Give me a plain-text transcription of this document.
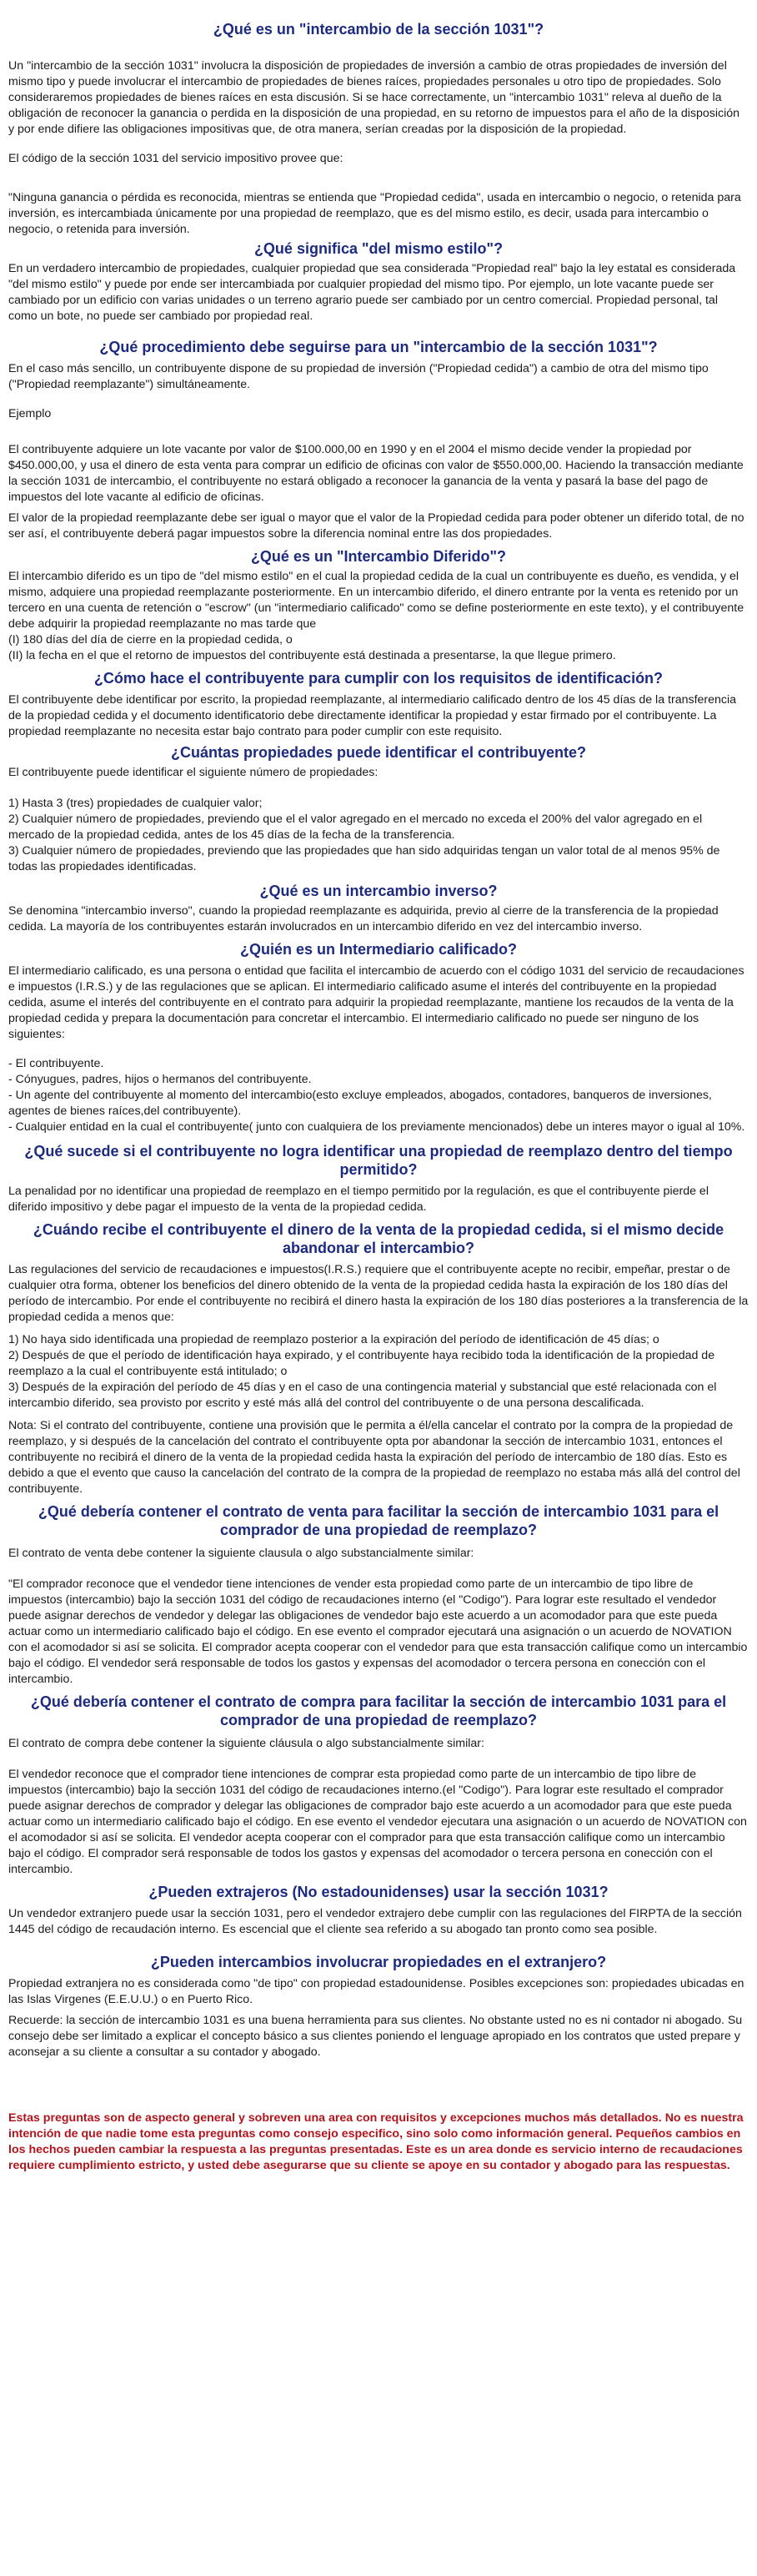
¿Qué es un "intercambio de la sección 1031"?
Un "intercambio de la sección 1031" involucra la disposición de propiedades de inversión a cambio de otras propiedades de inversión del mismo tipo y puede involucrar el intercambio de propiedades de bienes raíces, propiedades personales u otro tipo de propiedades. Solo consideraremos propiedades de bienes raíces en esta discusión. Si se hace correctamente, un "intercambio 1031" releva al dueño de la obligación de reconocer la ganancia o perdida en la disposición de una propiedad, en su retorno de impuestos para el año de la disposición y por ende difiere las obligaciones impositivas que, de otra manera, serían creadas por la disposición de la propiedad.
El código de la sección 1031 del servicio impositivo provee que:
"Ninguna ganancia o pérdida es reconocida, mientras se entienda que "Propiedad cedida", usada en intercambio o negocio, o retenida para inversión, es intercambiada únicamente por una propiedad de reemplazo, que es del mismo estilo, es decir, usada para intercambio o negocio, o retenida para inversión.
¿Qué significa "del mismo estilo"?
En un verdadero intercambio de propiedades, cualquier propiedad que sea considerada "Propiedad real" bajo la ley estatal es considerada "del mismo estilo" y puede por ende ser intercambiada por cualquier propiedad del mismo tipo. Por ejemplo, un lote vacante puede ser cambiado por un edificio con varias unidades o un terreno agrario puede ser cambiado por un centro comercial. Propiedad personal, tal como un bote, no puede ser cambiado por propiedad real.
¿Qué procedimiento debe seguirse para un "intercambio de la sección 1031"?
En el caso más sencillo, un contribuyente dispone de su propiedad de inversión ("Propiedad cedida") a cambio de otra del mismo tipo ("Propiedad reemplazante") simultáneamente.
Ejemplo
El contribuyente adquiere un lote vacante por valor de $100.000,00 en 1990 y en el 2004 el mismo decide vender la propiedad por $450.000,00, y usa el dinero de esta venta para comprar un edificio de oficinas con valor de $550.000,00. Haciendo la transacción mediante la sección 1031 de intercambio, el contribuyente no estará obligado a reconocer la ganancia de la venta y pasará la base del pago de impuestos del lote vacante al edificio de oficinas.
El valor de la propiedad reemplazante debe ser igual o mayor que el valor de la Propiedad cedida para poder obtener un diferido total, de no ser así, el contribuyente deberá pagar impuestos sobre la diferencia nominal entre las dos propiedades.
¿Qué es un "Intercambio Diferido"?
El intercambio diferido es un tipo de "del mismo estilo" en el cual la propiedad cedida de la cual un contribuyente es dueño, es vendida, y el mismo, adquiere una propiedad reemplazante posteriormente. En un intercambio diferido, el dinero entrante por la venta es retenido por un tercero en una cuenta de retención o "escrow" (un "intermediario calificado" como se define posteriormente en este texto), y el contribuyente debe adquirir la propiedad reemplazante no mas tarde que
(I) 180 días del día de cierre en la propiedad cedida, o
(II) la fecha en el que el retorno de impuestos del contribuyente está destinada a presentarse, la que llegue primero.
¿Cómo hace el contribuyente para cumplir con los requisitos de identificación?
El contribuyente debe identificar por escrito, la propiedad reemplazante, al intermediario calificado dentro de los 45 días de la transferencia de la propiedad cedida y el documento identificatorio debe directamente identificar la propiedad y estar firmado por el contribuyente. La propiedad reemplazante no necesita estar bajo contrato para poder cumplir con este requisito.
¿Cuántas propiedades puede identificar el contribuyente?
El contribuyente puede identificar el siguiente número de propiedades:
1) Hasta 3 (tres) propiedades de cualquier valor;
2) Cualquier número de propiedades, previendo que el el valor agregado en el mercado no exceda el 200% del valor agregado en el mercado de la propiedad cedida, antes de los 45 días de la fecha de la transferencia.
3) Cualquier número de propiedades, previendo que las propiedades que han sido adquiridas tengan un valor total de al menos 95% de todas las propiedades identificadas.
¿Qué es un intercambio inverso?
Se denomina "intercambio inverso", cuando la propiedad reemplazante es adquirida, previo al cierre de la transferencia de la propiedad cedida. La mayoría de los contribuyentes estarán involucrados en un intercambio diferido en vez del intercambio inverso.
¿Quién es un Intermediario calificado?
El intermediario calificado, es una persona o entidad que facilita el intercambio de acuerdo con el código 1031 del servicio de recaudaciones e impuestos (I.R.S.) y de las regulaciones que se aplican. El intermediario calificado asume el interés del contribuyente en la propiedad cedida, asume el interés del contribuyente en el contrato para adquirir la propiedad reemplazante, mantiene los recaudos de la venta de la propiedad cedida y prepara la documentación para concretar el intercambio. El intermediario calificado no puede ser ninguno de los siguientes:
- El contribuyente.
- Cónyugues, padres, hijos o hermanos del contribuyente.
- Un agente del contribuyente al momento del intercambio(esto excluye empleados, abogados, contadores, banqueros de inversiones, agentes de bienes raíces,del contribuyente).
- Cualquier entidad en la cual el contribuyente( junto con cualquiera de los previamente mencionados) debe un interes mayor o igual al 10%.
¿Qué sucede si el contribuyente no logra identificar una propiedad de reemplazo dentro del tiempo permitido?
La penalidad por no identificar una propiedad de reemplazo en el tiempo permitido por la regulación, es que el contribuyente pierde el diferido impositivo y debe pagar el impuesto de la venta de la propiedad cedida.
¿Cuándo recibe el contribuyente el dinero de la venta de la propiedad cedida, si el mismo decide abandonar el intercambio?
Las regulaciones del servicio de recaudaciones e impuestos(I.R.S.) requiere que el contribuyente acepte no recibir, empeñar, prestar o de cualquier otra forma, obtener los beneficios del dinero obtenido de la venta de la propiedad cedida hasta la expiración de los 180 días del período de intercambio. Por ende el contribuyente no recibirá el dinero hasta la expiración de los 180 días posteriores a la transferencia de la propiedad cedida a menos que:
1) No haya sido identificada una propiedad de reemplazo posterior a la expiración del período de identificación de 45 días; o
2) Después de que el período de identificación haya expirado, y el contribuyente haya recibido toda la identificación de la propiedad de reemplazo a la cual el contribuyente está intitulado; o
3) Después de la expiración del período de 45 días y en el caso de una contingencia material y substancial que esté relacionada con el intercambio diferido, sea provisto por escrito y esté más allá del control del contribuyente o de una persona descalificada.
Nota: Si el contrato del contribuyente, contiene una provisión que le permita a él/ella cancelar el contrato por la compra de la propiedad de reemplazo, y si después de la cancelación del contrato el contribuyente opta por abandonar la sección de intercambio 1031, entonces el contribuyente no recibirá el dinero de la venta de la propiedad cedida hasta la expiración del período de intercambio de 180 días. Esto es debido a que el evento que causo la cancelación del contrato de la compra de la propiedad de reemplazo no estaba más allá del control del contribuyente.
¿Qué debería contener el contrato de venta para facilitar la sección de intercambio 1031 para el comprador de una propiedad de reemplazo?
El contrato de venta debe contener la siguiente clausula o algo substancialmente similar:
"El comprador reconoce que el vendedor tiene intenciones de vender esta propiedad como parte de un intercambio de tipo libre de impuestos (intercambio) bajo la sección 1031 del código de recaudaciones interno (el "Codigo"). Para lograr este resultado el vendedor puede asignar derechos de vendedor y delegar las obligaciones de vendedor bajo este acuerdo a un acomodador para que este pueda actuar como un intermediario calificado bajo el código. En ese evento el comprador ejecutará una asignación o un acuerdo de NOVATION con el acomodador si así se solicita. El comprador acepta cooperar con el vendedor para que esta transacción califique como un intercambio bajo el código. El vendedor será responsable de todos los gastos y expensas del acomodador o tercera persona en conección con el intercambio.
¿Qué debería contener el contrato de compra para facilitar la sección de intercambio 1031 para el comprador de una propiedad de reemplazo?
El contrato de compra debe contener la siguiente cláusula o algo substancialmente similar:
El vendedor reconoce que el comprador tiene intenciones de comprar esta propiedad como parte de un intercambio de tipo libre de impuestos (intercambio) bajo la sección 1031 del código de recaudaciones interno.(el "Codigo"). Para lograr este resultado el comprador puede asignar derechos de comprador y delegar las obligaciones de comprador bajo este acuerdo a un acomodador para que este pueda actuar como un intermediario calificado bajo el código. En ese evento el vendedor ejecutara una asignación o un acuerdo de NOVATION con el acomodador si así se solicita. El vendedor acepta cooperar con el comprador para que esta transacción califique como un intercambio bajo el código. El comprador será responsable de todos los gastos y expensas del acomodador o tercera persona en conección con el intercambio.
¿Pueden extrajeros (No estadounidenses) usar la sección 1031?
Un vendedor extranjero puede usar la sección 1031, pero el vendedor extrajero debe cumplir con las regulaciones del FIRPTA de la sección 1445 del código de recaudación interno. Es escencial que el cliente sea referido a su abogado tan pronto como sea posible.
¿Pueden intercambios involucrar propiedades en el extranjero?
Propiedad extranjera no es considerada como "de tipo" con propiedad estadounidense. Posibles excepciones son: propiedades ubicadas en las Islas Virgenes (E.E.U.U.) o en Puerto Rico.
Recuerde: la sección de intercambio 1031 es una buena herramienta para sus clientes. No obstante usted no es ni contador ni abogado. Su consejo debe ser limitado a explicar el concepto básico a sus clientes poniendo el lenguage apropiado en los contratos que usted prepare y aconsejar a su cliente a consultar a su contador y abogado.
Estas preguntas son de aspecto general y sobreven una area con requisitos y excepciones muchos más detallados. No es nuestra intención de que nadie tome esta preguntas como consejo especifico, sino solo como información general. Pequeños cambios en los hechos pueden cambiar la respuesta a las preguntas presentadas. Este es un area donde es servicio interno de recaudaciones requiere cumplimiento estricto, y usted debe asegurarse que su cliente se apoye en su contador y abogado para las respuestas.
